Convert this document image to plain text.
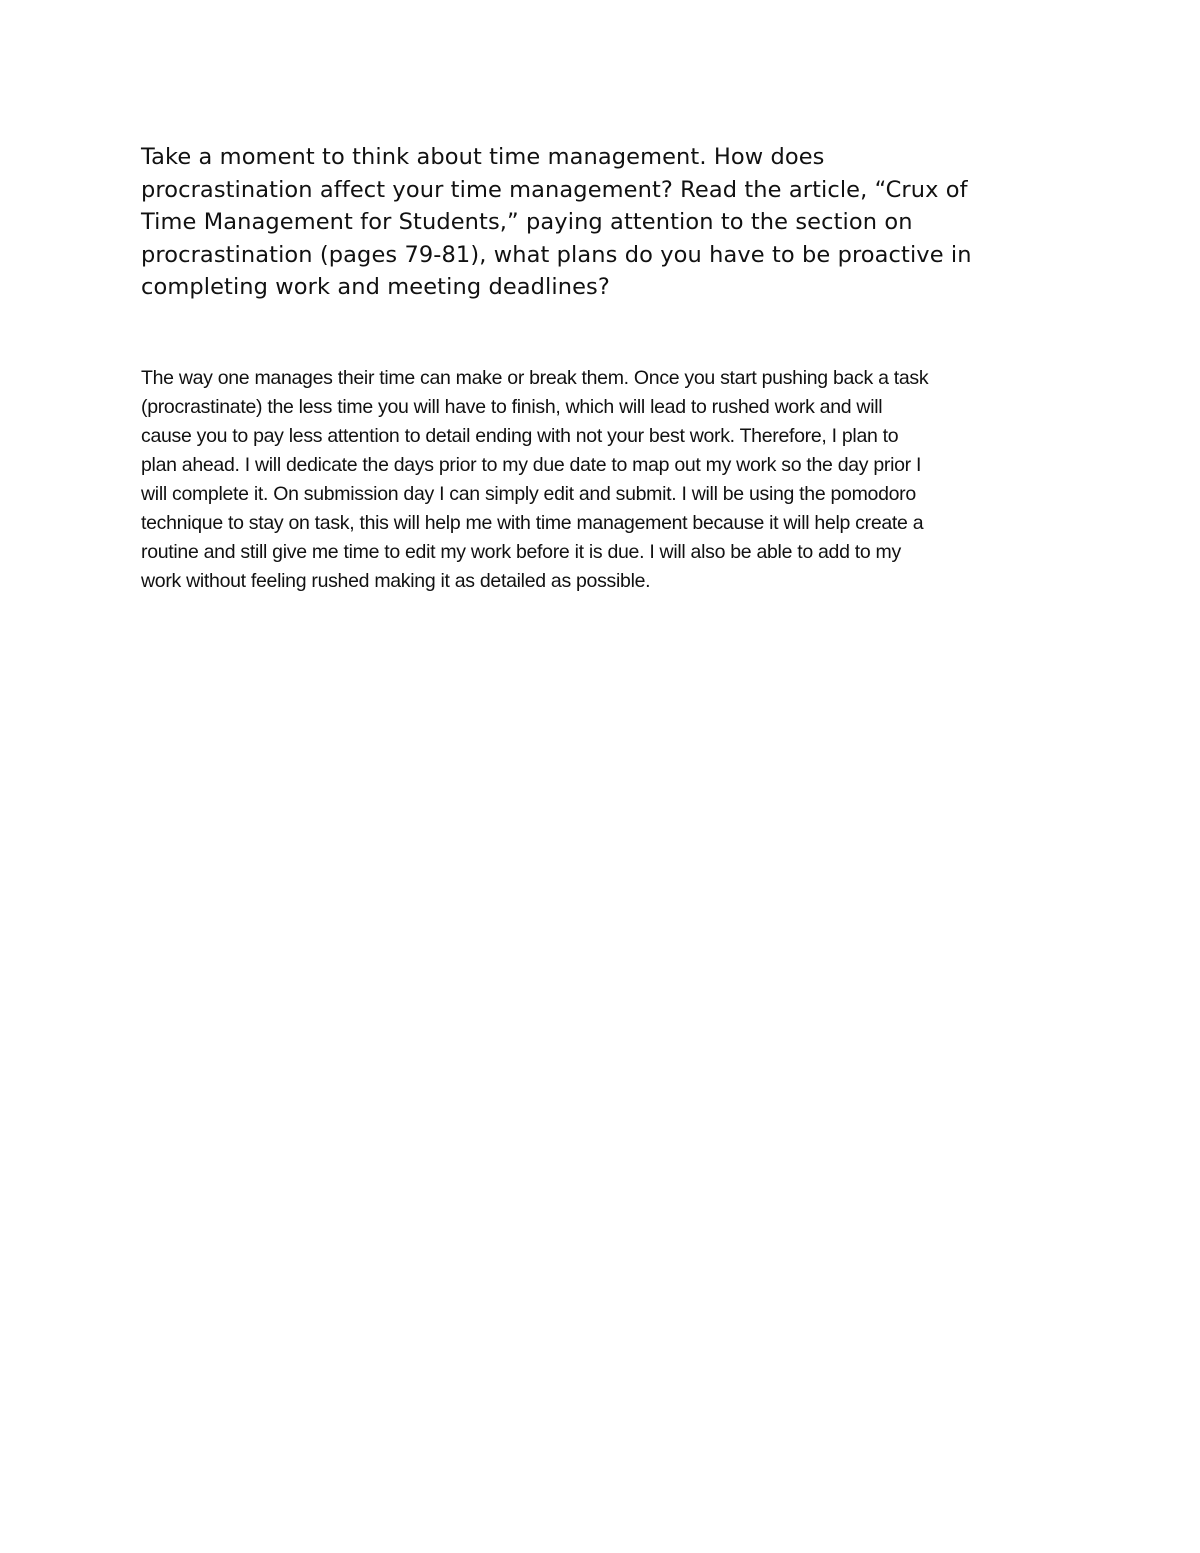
Take a moment to think about time management. How does
procrastination affect your time management? Read the article, “Crux of
Time Management for Students,” paying attention to the section on
procrastination (pages 79-81), what plans do you have to be proactive in
completing work and meeting deadlines?

The way one manages their time can make or break them. Once you start pushing back a task
(procrastinate) the less time you will have to finish, which will lead to rushed work and will
cause you to pay less attention to detail ending with not your best work. Therefore, I plan to
plan ahead. I will dedicate the days prior to my due date to map out my work so the day prior I
will complete it. On submission day I can simply edit and submit. I will be using the pomodoro
technique to stay on task, this will help me with time management because it will help create a
routine and still give me time to edit my work before it is due. I will also be able to add to my
work without feeling rushed making it as detailed as possible.
